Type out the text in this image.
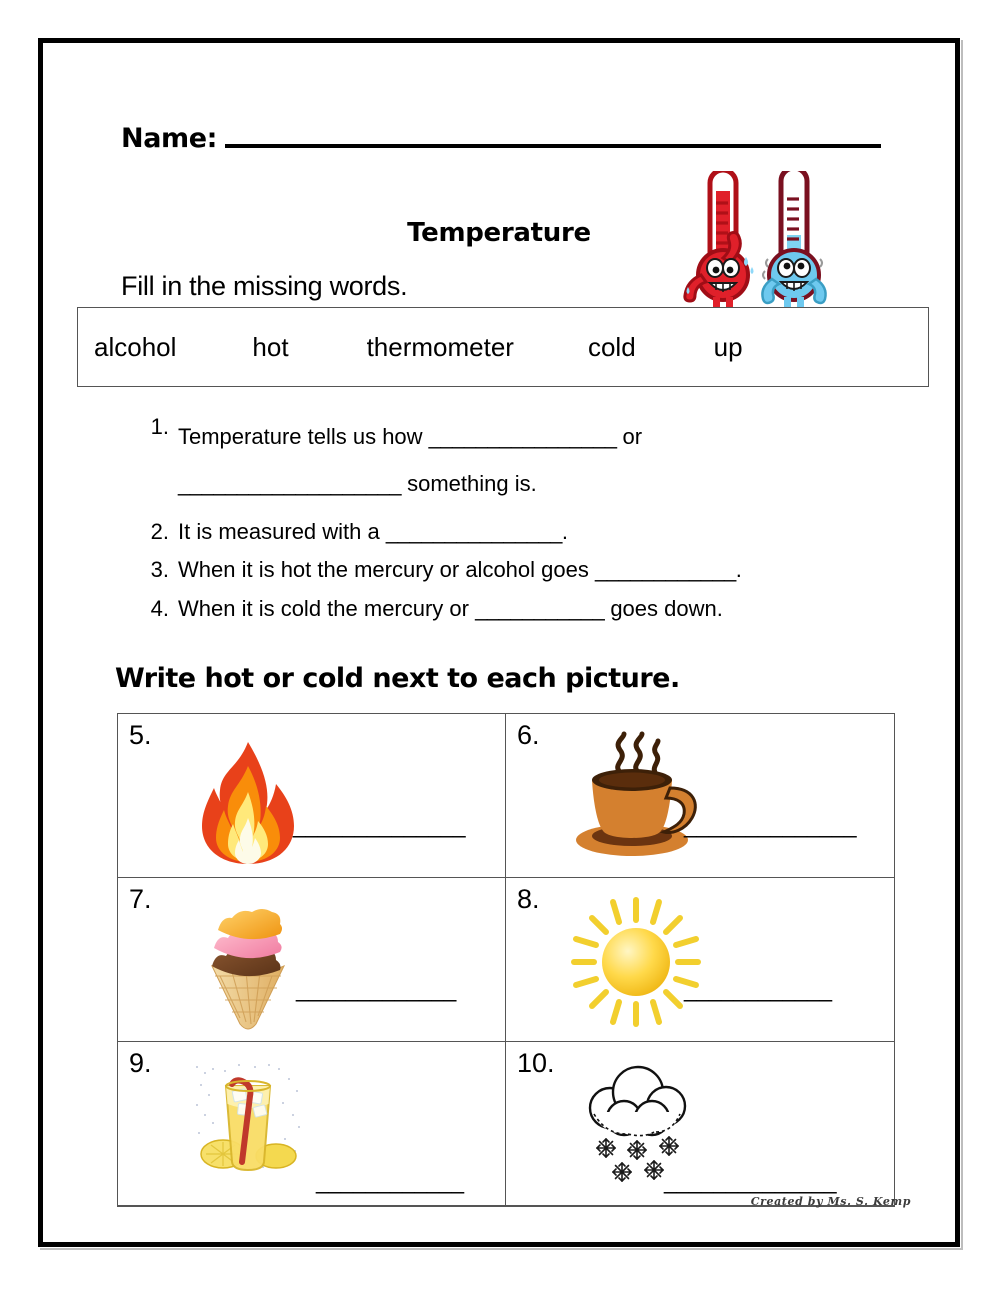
Name:
Temperature
Fill in the missing words.
alcohol	hot	thermometer	cold	up
1. Temperature tells us how ________________ or
___________________ something is.
2. It is measured with a _______________.
3. When it is hot the mercury or alcohol goes ____________.
4. When it is cold the mercury or ___________ goes down.
Write hot or cold next to each picture.
5.
______________
6.
______________
7.
_____________
8.
____________
9.
____________
10.
______________
Created by Ms. S. Kemp
